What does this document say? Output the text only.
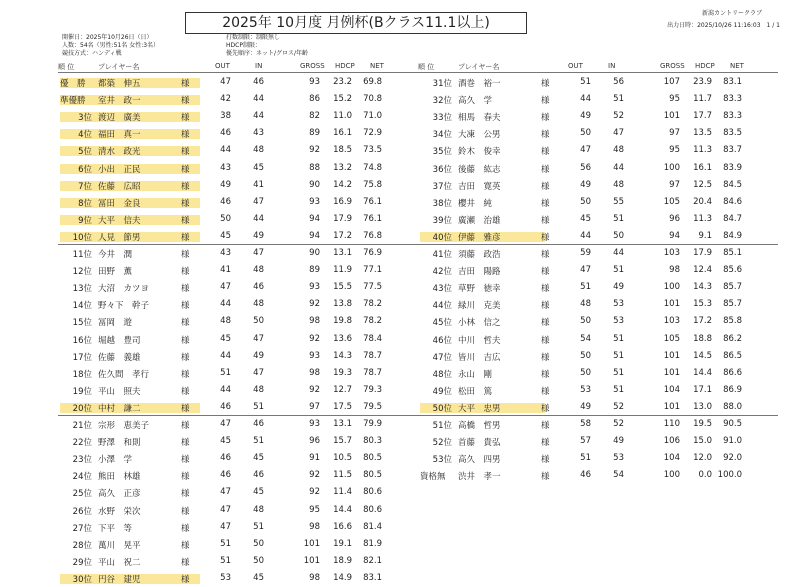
2025年 10月度 月例杯(Bクラス11.1以上)
新潟カントリークラブ
出力日時：2025/10/26 11:16:03　1 / 1
開催日：2025年10月26日（日）
人数：54名（男性:51名 女性:3名）
競技方式：ハンディ戦
打数制限：制限無し
HDCP制限：
優先順序：ネット/グロス/年齢
順 位	プレイヤー名	OUT	IN	GROSS HDCP NET	順 位	プレイヤー名	OUT	IN	GROSS HDCP NET
優　勝	都築　伸五	様	47	46	93	23.2	69.8
準優勝	室井　政一	様	42	44	86	15.2	70.8
3位 渡辺　廣美	様	38	44	82	11.0	71.0
4位 福田　真一	様	46	43	89	16.1	72.9
5位 清水　政光	様	44	48	92	18.5	73.5
6位 小出　正民	様	43	45	88	13.2	74.8
7位 佐藤　広昭	様	49	41	90	14.2	75.8
8位 冨田　金良	様	46	47	93	16.9	76.1
9位 大平　信夫	様	50	44	94	17.9	76.1
10位 人見　節男	様	45	49	94	17.2	76.8
11位 今井　潤	様	43	47	90	13.1	76.9
12位 田野　薫	様	41	48	89	11.9	77.1
13位 大沼　カツヨ	様	47	46	93	15.5	77.5
14位 野々下　幹子	様	44	48	92	13.8	78.2
15位 冨岡　遊	様	48	50	98	19.8	78.2
16位 堀越　豊司	様	45	47	92	13.6	78.4
17位 佐藤　義雄	様	44	49	93	14.3	78.7
18位 佐久間　孝行	様	51	47	98	19.3	78.7
19位 平山　照夫	様	44	48	92	12.7	79.3
20位 中村　謙二	様	46	51	97	17.5	79.5
21位 宗形　恵美子	様	47	46	93	13.1	79.9
22位 野澤　和則	様	45	51	96	15.7	80.3
23位 小澤　学	様	46	45	91	10.5	80.5
24位 熊田　林雄	様	46	46	92	11.5	80.5
25位 高久　正彦	様	47	45	92	11.4	80.6
26位 水野　栄次	様	47	48	95	14.4	80.6
27位 下平　等	様	47	51	98	16.6	81.4
28位 萬川　晃平	様	51	50	101	19.1	81.9
29位 平山　祝二	様	51	50	101	18.9	82.1
30位 円谷　建児	様	53	45	98	14.9	83.1
31位 酒巻　裕一	様	51	56	107	23.9	83.1
32位 高久　学	様	44	51	95	11.7	83.3
33位 相馬　春夫	様	49	52	101	17.7	83.3
34位 大凍　公男	様	50	47	97	13.5	83.5
35位 鈴木　俊幸	様	47	48	95	11.3	83.7
36位 後藤　紘志	様	56	44	100	16.1	83.9
37位 吉田　寛英	様	49	48	97	12.5	84.5
38位 櫻井　純	様	50	55	105	20.4	84.6
39位 廣瀬　治雄	様	45	51	96	11.3	84.7
40位 伊藤　雅彦	様	44	50	94	9.1	84.9
41位 須藤　政浩	様	59	44	103	17.9	85.1
42位 吉田　陽路	様	47	51	98	12.4	85.6
43位 草野　徳幸	様	51	49	100	14.3	85.7
44位 緑川　克美	様	48	53	101	15.3	85.7
45位 小林　信之	様	50	53	103	17.2	85.8
46位 中川　哲夫	様	54	51	105	18.8	86.2
47位 皆川　吉広	様	50	51	101	14.5	86.5
48位 永山　剛	様	50	51	101	14.4	86.6
49位 松田　篤	様	53	51	104	17.1	86.9
50位 大平　忠男	様	49	52	101	13.0	88.0
51位 高橋　哲男	様	58	52	110	19.5	90.5
52位 首藤　貴弘	様	57	49	106	15.0	91.0
53位 高久　四男	様	51	53	104	12.0	92.0
資格無	渋井　孝一	様	46	54	100	0.0 100.0
